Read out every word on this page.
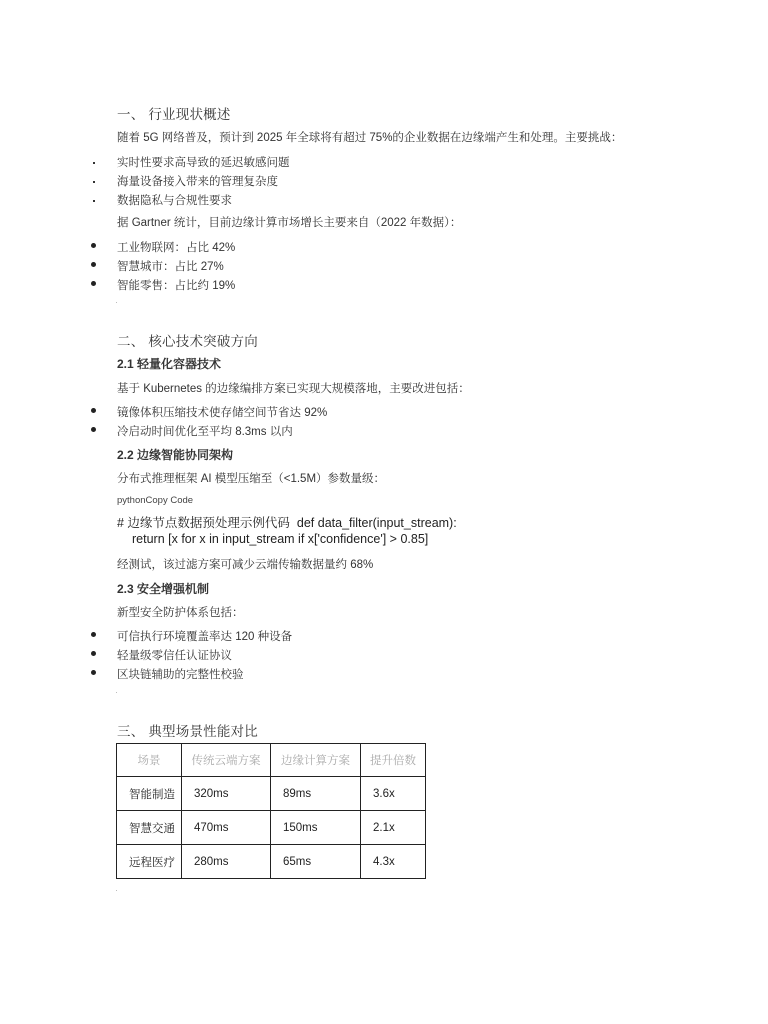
一、 行业现状概述
随着 5G 网络普及，预计到 2025 年全球将有超过 75%的企业数据在边缘端产生和处理。主要挑战：
实时性要求高导致的延迟敏感问题
海量设备接入带来的管理复杂度
数据隐私与合规性要求
据 Gartner 统计，目前边缘计算市场增长主要来自（2022 年数据）：
工业物联网：占比 42%
智慧城市：占比 27%
智能零售：占比约 19%
二、 核心技术突破方向
2.1 轻量化容器技术
基于 Kubernetes 的边缘编排方案已实现大规模落地，主要改进包括：
镜像体积压缩技术使存储空间节省达 92%
冷启动时间优化至平均 8.3ms 以内
2.2 边缘智能协同架构
分布式推理框架 AI 模型压缩至（<1.5M）参数量级：
pythonCopy Code
# 边缘节点数据预处理示例代码 def data_filter(input_stream):
return [x for x in input_stream if x['confidence'] > 0.85]
经测试，该过滤方案可减少云端传输数据量约 68%
2.3 安全增强机制
新型安全防护体系包括：
可信执行环境覆盖率达 120 种设备
轻量级零信任认证协议
区块链辅助的完整性校验
三、 典型场景性能对比
场景	传统云端方案	边缘计算方案	提升倍数
智能制造	320ms	89ms	3.6x
智慧交通	470ms	150ms	2.1x
远程医疗	280ms	65ms	4.3x
